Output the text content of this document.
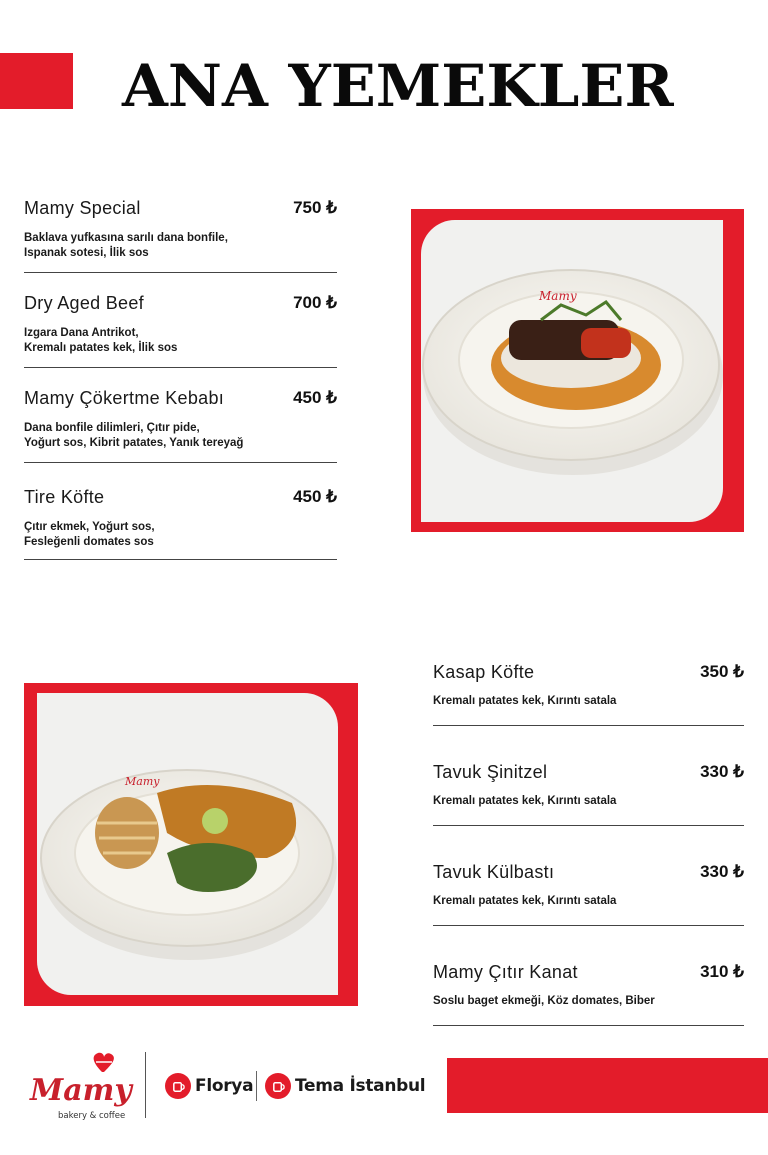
ANA YEMEKLER
Mamy Special	750 ₺
Baklava yufkasına sarılı dana bonfile,
Ispanak sotesi, İlik sos
Dry Aged Beef	700 ₺
Izgara Dana Antrikot,
Kremalı patates kek, İlik sos
Mamy Çökertme Kebabı	450 ₺
Dana bonfile dilimleri, Çıtır pide,
Yoğurt sos, Kibrit patates, Yanık tereyağ
Tire Köfte	450 ₺
Çıtır ekmek, Yoğurt sos,
Fesleğenli domates sos
Mamy
Mamy
Kasap Köfte	350 ₺
Kremalı patates kek, Kırıntı satala
Tavuk Şinitzel	330 ₺
Kremalı patates kek, Kırıntı satala
Tavuk Külbastı	330 ₺
Kremalı patates kek, Kırıntı satala
Mamy Çıtır Kanat	310 ₺
Soslu baget ekmeği, Köz domates, Biber
Mamy
bakery & coffee
Florya Tema İstanbul
